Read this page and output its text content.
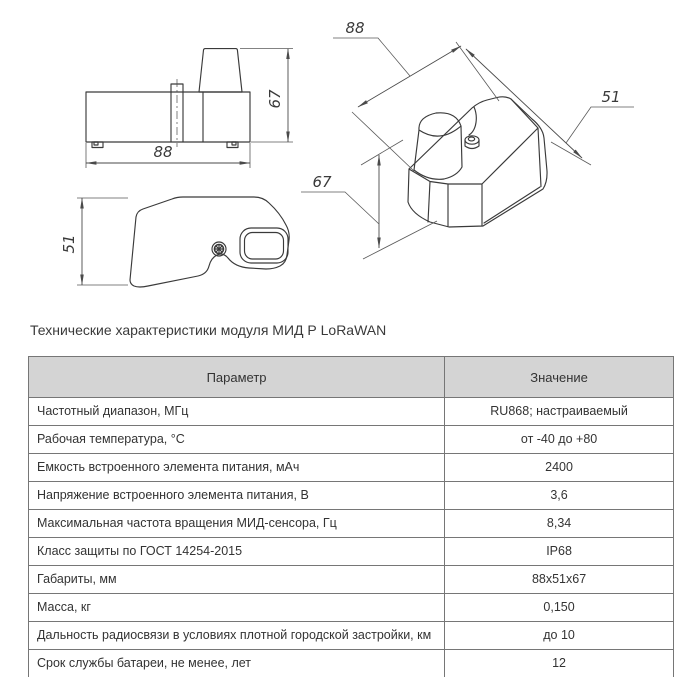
88
67
51
88
51
67
Технические характеристики модуля МИД Р LoRaWAN
Параметр	Значение
Частотный диапазон, МГц	RU868; настраиваемый
Рабочая температура, °С	от -40 до +80
Емкость встроенного элемента питания, мАч	2400
Напряжение встроенного элемента питания, В	3,6
Максимальная частота вращения МИД-сенсора, Гц	8,34
Класс защиты по ГОСТ 14254-2015	IP68
Габариты, мм	88x51x67
Масса, кг	0,150
Дальность радиосвязи в условиях плотной городской застройки, км	до 10
Срок службы батареи, не менее, лет	12
